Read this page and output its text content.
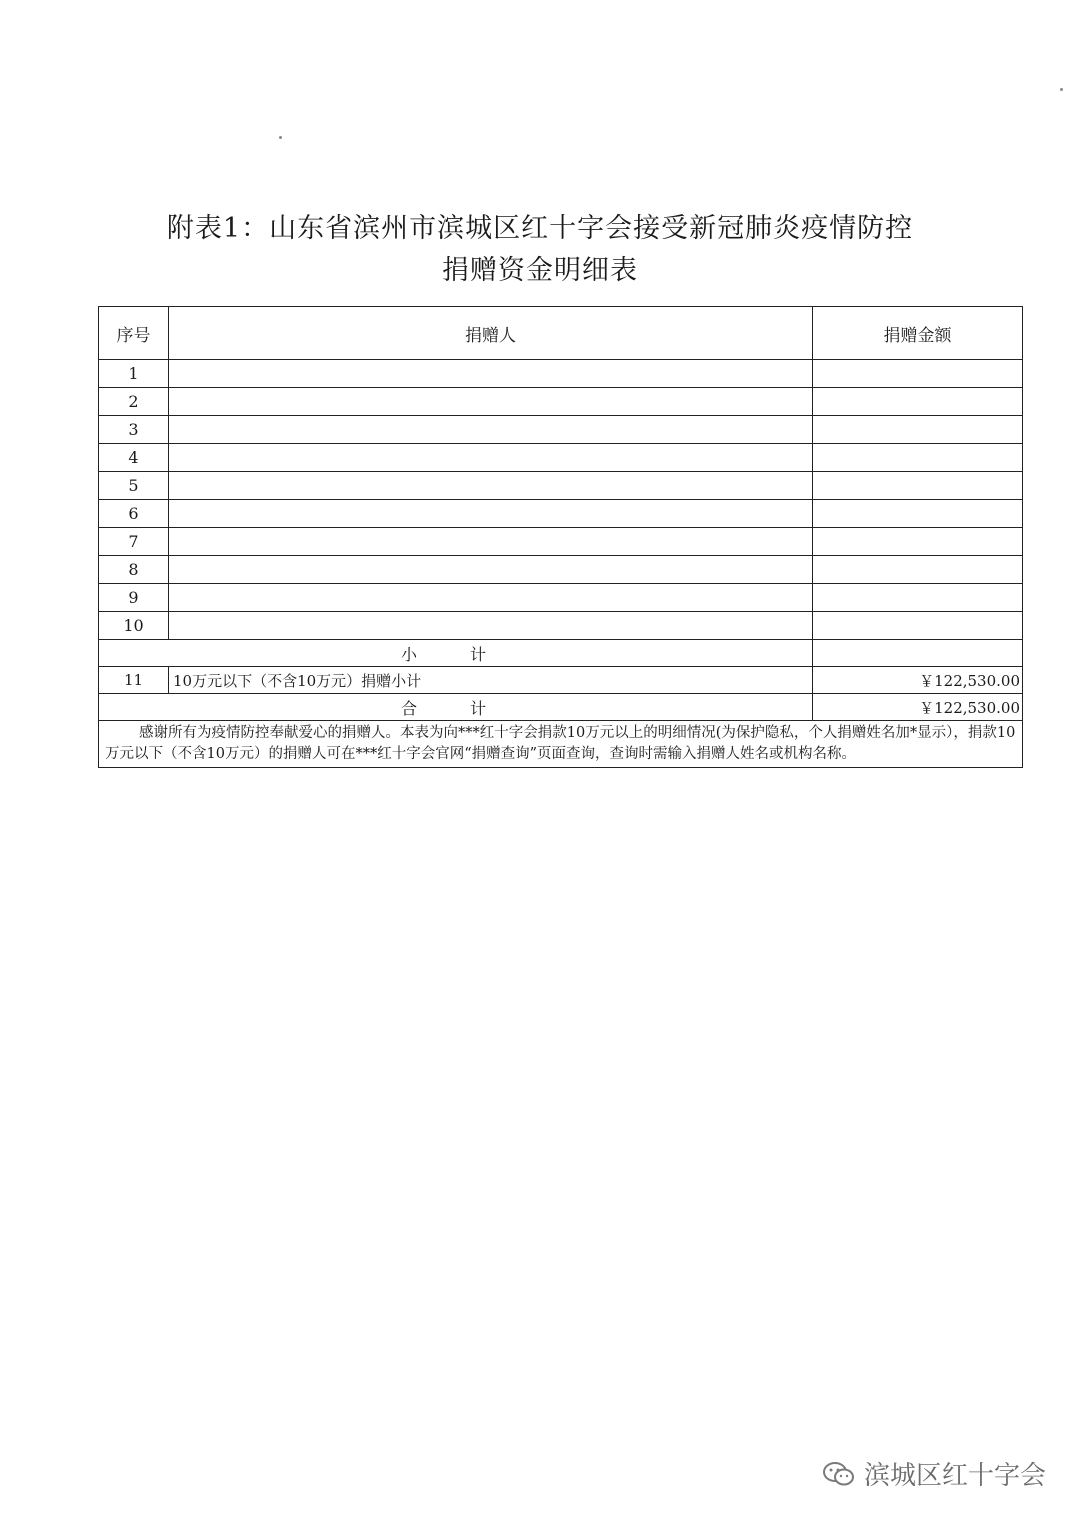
附表1：山东省滨州市滨城区红十字会接受新冠肺炎疫情防控
捐赠资金明细表
序号	捐赠人	捐赠金额
1		
2		
3		
4		
5		
6		
7		
8		
9		
10		
小 计		
11	10万元以下（不含10万元）捐赠小计	￥122,530.00
合 计		￥122,530.00

感谢所有为疫情防控奉献爱心的捐赠人。本表为向***红十字会捐款10万元以上的明细情况(为保护隐私，个人捐赠姓名加*显示），捐款10万元以下（不含10万元）的捐赠人可在***红十字会官网“捐赠查询”页面查询，查询时需输入捐赠人姓名或机构名称。		
滨城区红十字会
